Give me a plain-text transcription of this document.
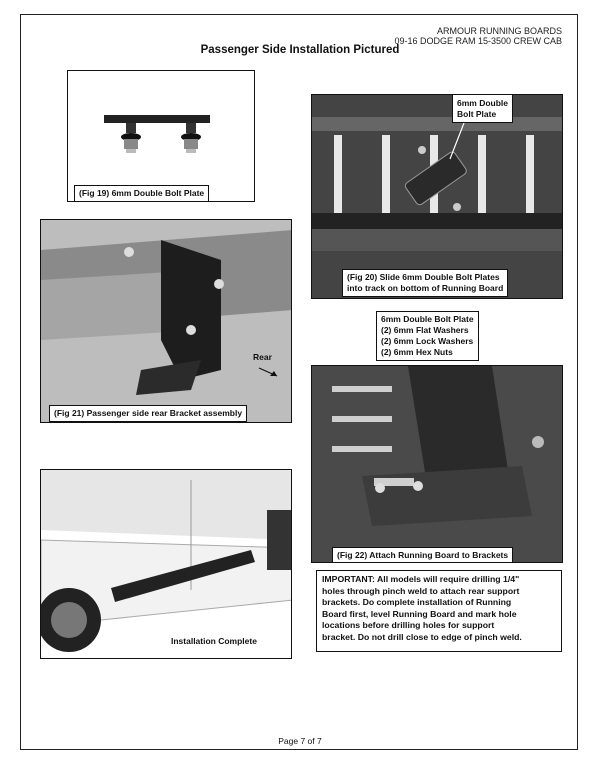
ARMOUR RUNNING BOARDS
09-16 DODGE RAM 15-3500 CREW CAB
Passenger Side Installation Pictured
(Fig 19) 6mm Double Bolt Plate
6mm Double
Bolt Plate
(Fig 20) Slide 6mm Double Bolt Plates
into track on bottom of Running Board
Rear
(Fig 21) Passenger side rear Bracket assembly
(Fig 22) Attach Running Board to Brackets
6mm Double Bolt Plate
(2) 6mm Flat Washers
(2) 6mm Lock Washers
(2) 6mm Hex Nuts
Installation Complete
IMPORTANT: All models will require drilling 1/4"
holes through pinch weld to attach rear support
brackets. Do complete installation of Running
Board first, level Running Board and mark hole
locations before drilling holes for support
bracket. Do not drill close to edge of pinch weld.
Page 7 of 7
